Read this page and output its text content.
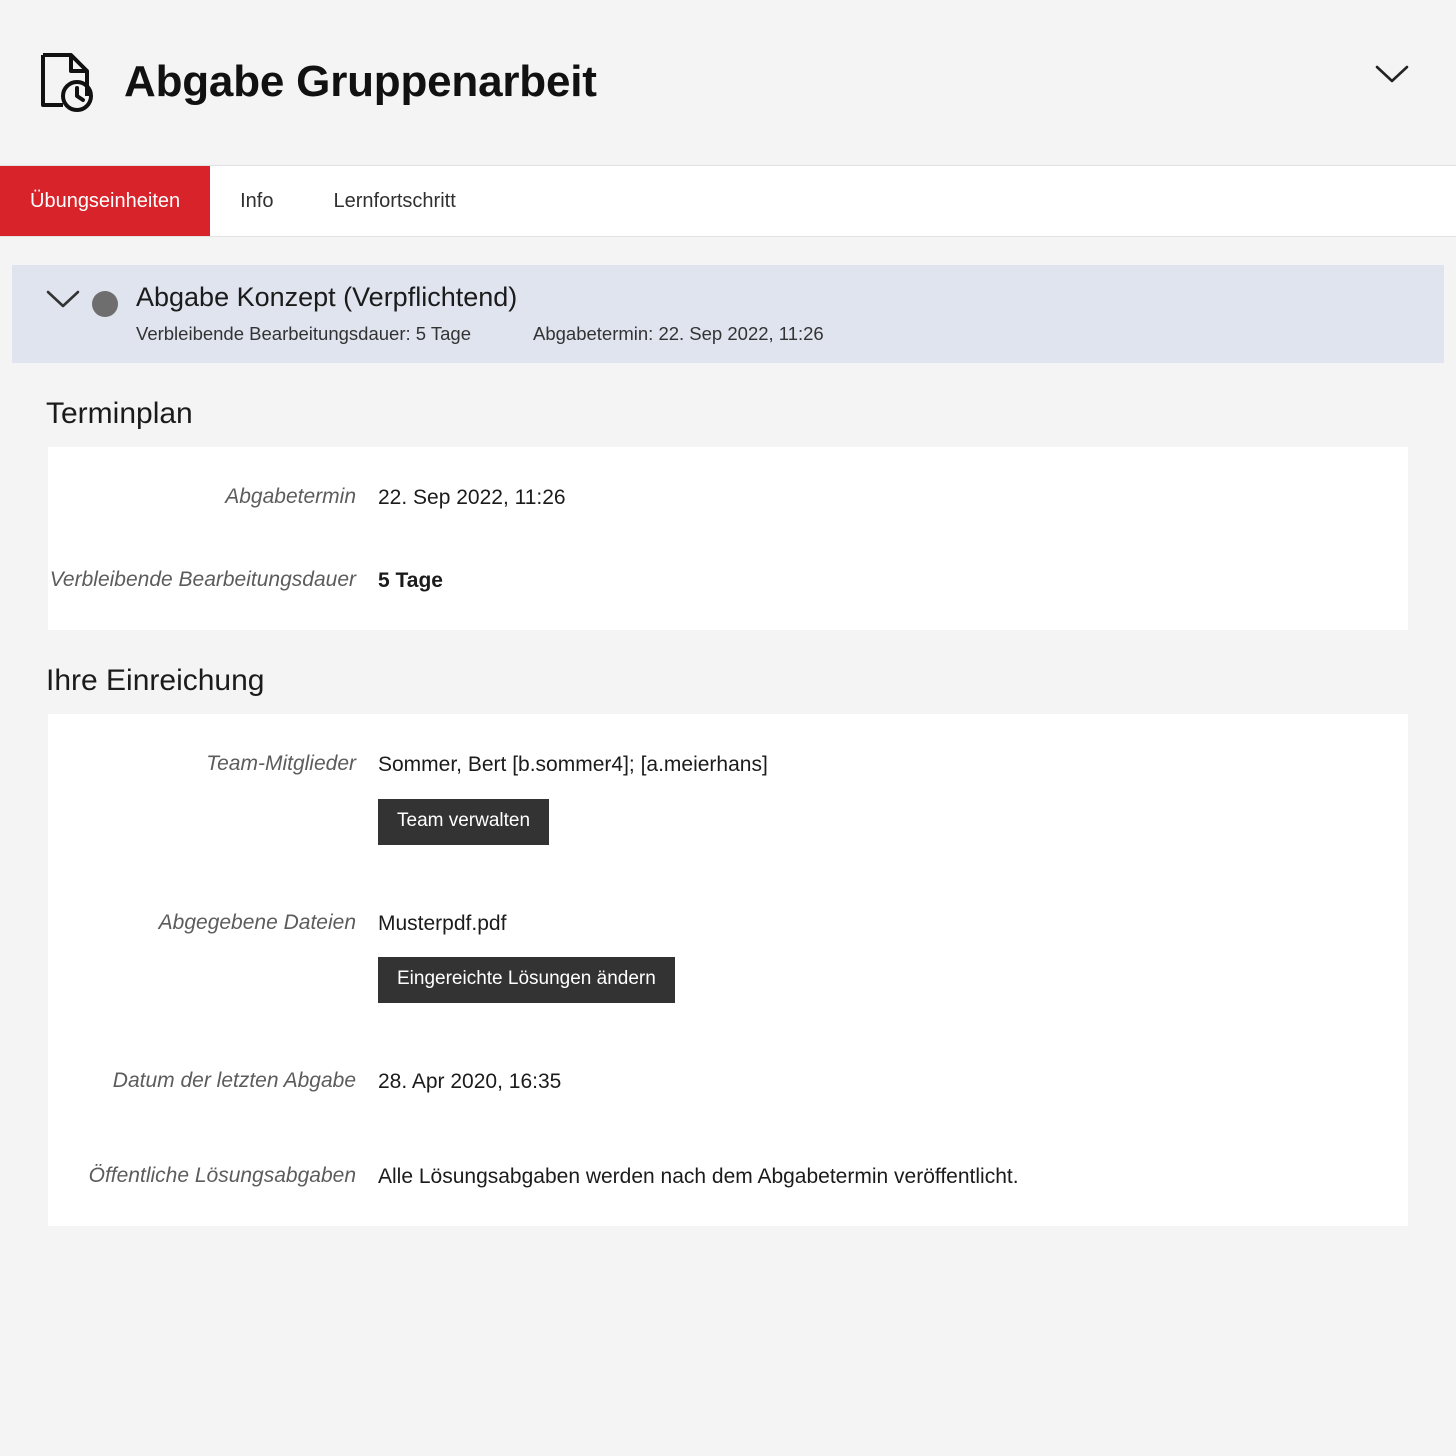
Abgabe Gruppenarbeit
Übungseinheiten	Info	Lernfortschritt
Abgabe Konzept (Verpflichtend)
Verbleibende Bearbeitungsdauer: 5 Tage	Abgabetermin: 22. Sep 2022, 11:26
Terminplan
Abgabetermin	22. Sep 2022, 11:26
Verbleibende Bearbeitungsdauer	5 Tage
Ihre Einreichung
Team-Mitglieder	Sommer, Bert [b.sommer4]; [a.meierhans]
Team verwalten
Abgegebene Dateien	Musterpdf.pdf
Eingereichte Lösungen ändern
Datum der letzten Abgabe	28. Apr 2020, 16:35
Öffentliche Lösungsabgaben	Alle Lösungsabgaben werden nach dem Abgabetermin veröffentlicht.
